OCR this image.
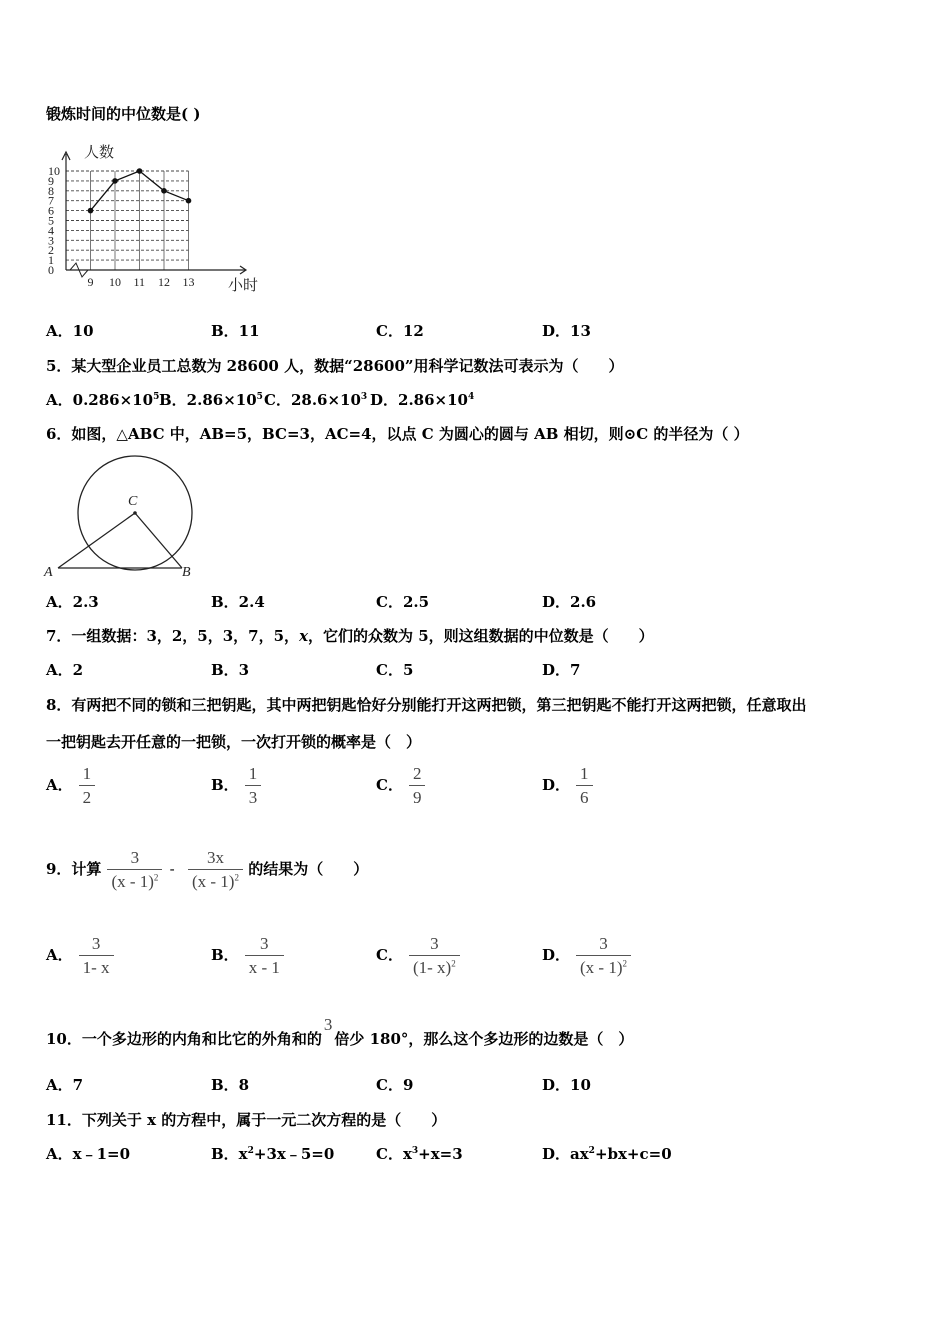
锻炼时间的中位数是( )
0
1
2
3
4
5
6
7
8
9
10
9 10 11 12 13
人数
小时
A．10	B．11	C．12	D．13
5．某大型企业员工总数为 28600 人，数据“28600”用科学记数法可表示为（　　）
A．$0.286\times 10^5$ B．$2.86\times 10^5$ C．$28.6\times 10^3$ D．$2.86\times 10^4$
6．如图，△ABC 中，AB=5，BC=3，AC=4，以点 C 为圆心的圆与 AB 相切，则⊙C 的半径为（ ）
A	B
C
A．2.3	B．2.4	C．2.5	D．2.6
7．一组数据：3，2，5，3，7，5，x，它们的众数为 5，则这组数据的中位数是（　　）
A．2	B．3	C．5	D．7
8．有两把不同的锁和三把钥匙，其中两把钥匙恰好分别能打开这两把锁，第三把钥匙不能打开这两把锁，任意取出
一把钥匙去开任意的一把锁，一次打开锁的概率是（　）
A． $\frac{1}{2}$	B． $\frac{1}{3}$	C． $\frac{2}{9}$	D． $\frac{1}{6}$
9．计算 $\frac{3}{(x - 1)^2} - \frac{3x}{(x - 1)^2}$ 的结果为（　　）
A． $\frac{3}{1- x}$	B． $\frac{3}{x - 1}$	C． $\frac{3}{(1- x)^2}$	D． $\frac{3}{(x - 1)^2}$
10．一个多边形的内角和比它的外角和的3倍少 180°，那么这个多边形的边数是（　）
A．7	B．8	C．9	D．10
11．下列关于 x 的方程中，属于一元二次方程的是（　　）
A．x﹣1=0	B．$x^2+3x﹣5=0$	C．$x^3+x=3$	D．$ax^2+bx+c=0$
